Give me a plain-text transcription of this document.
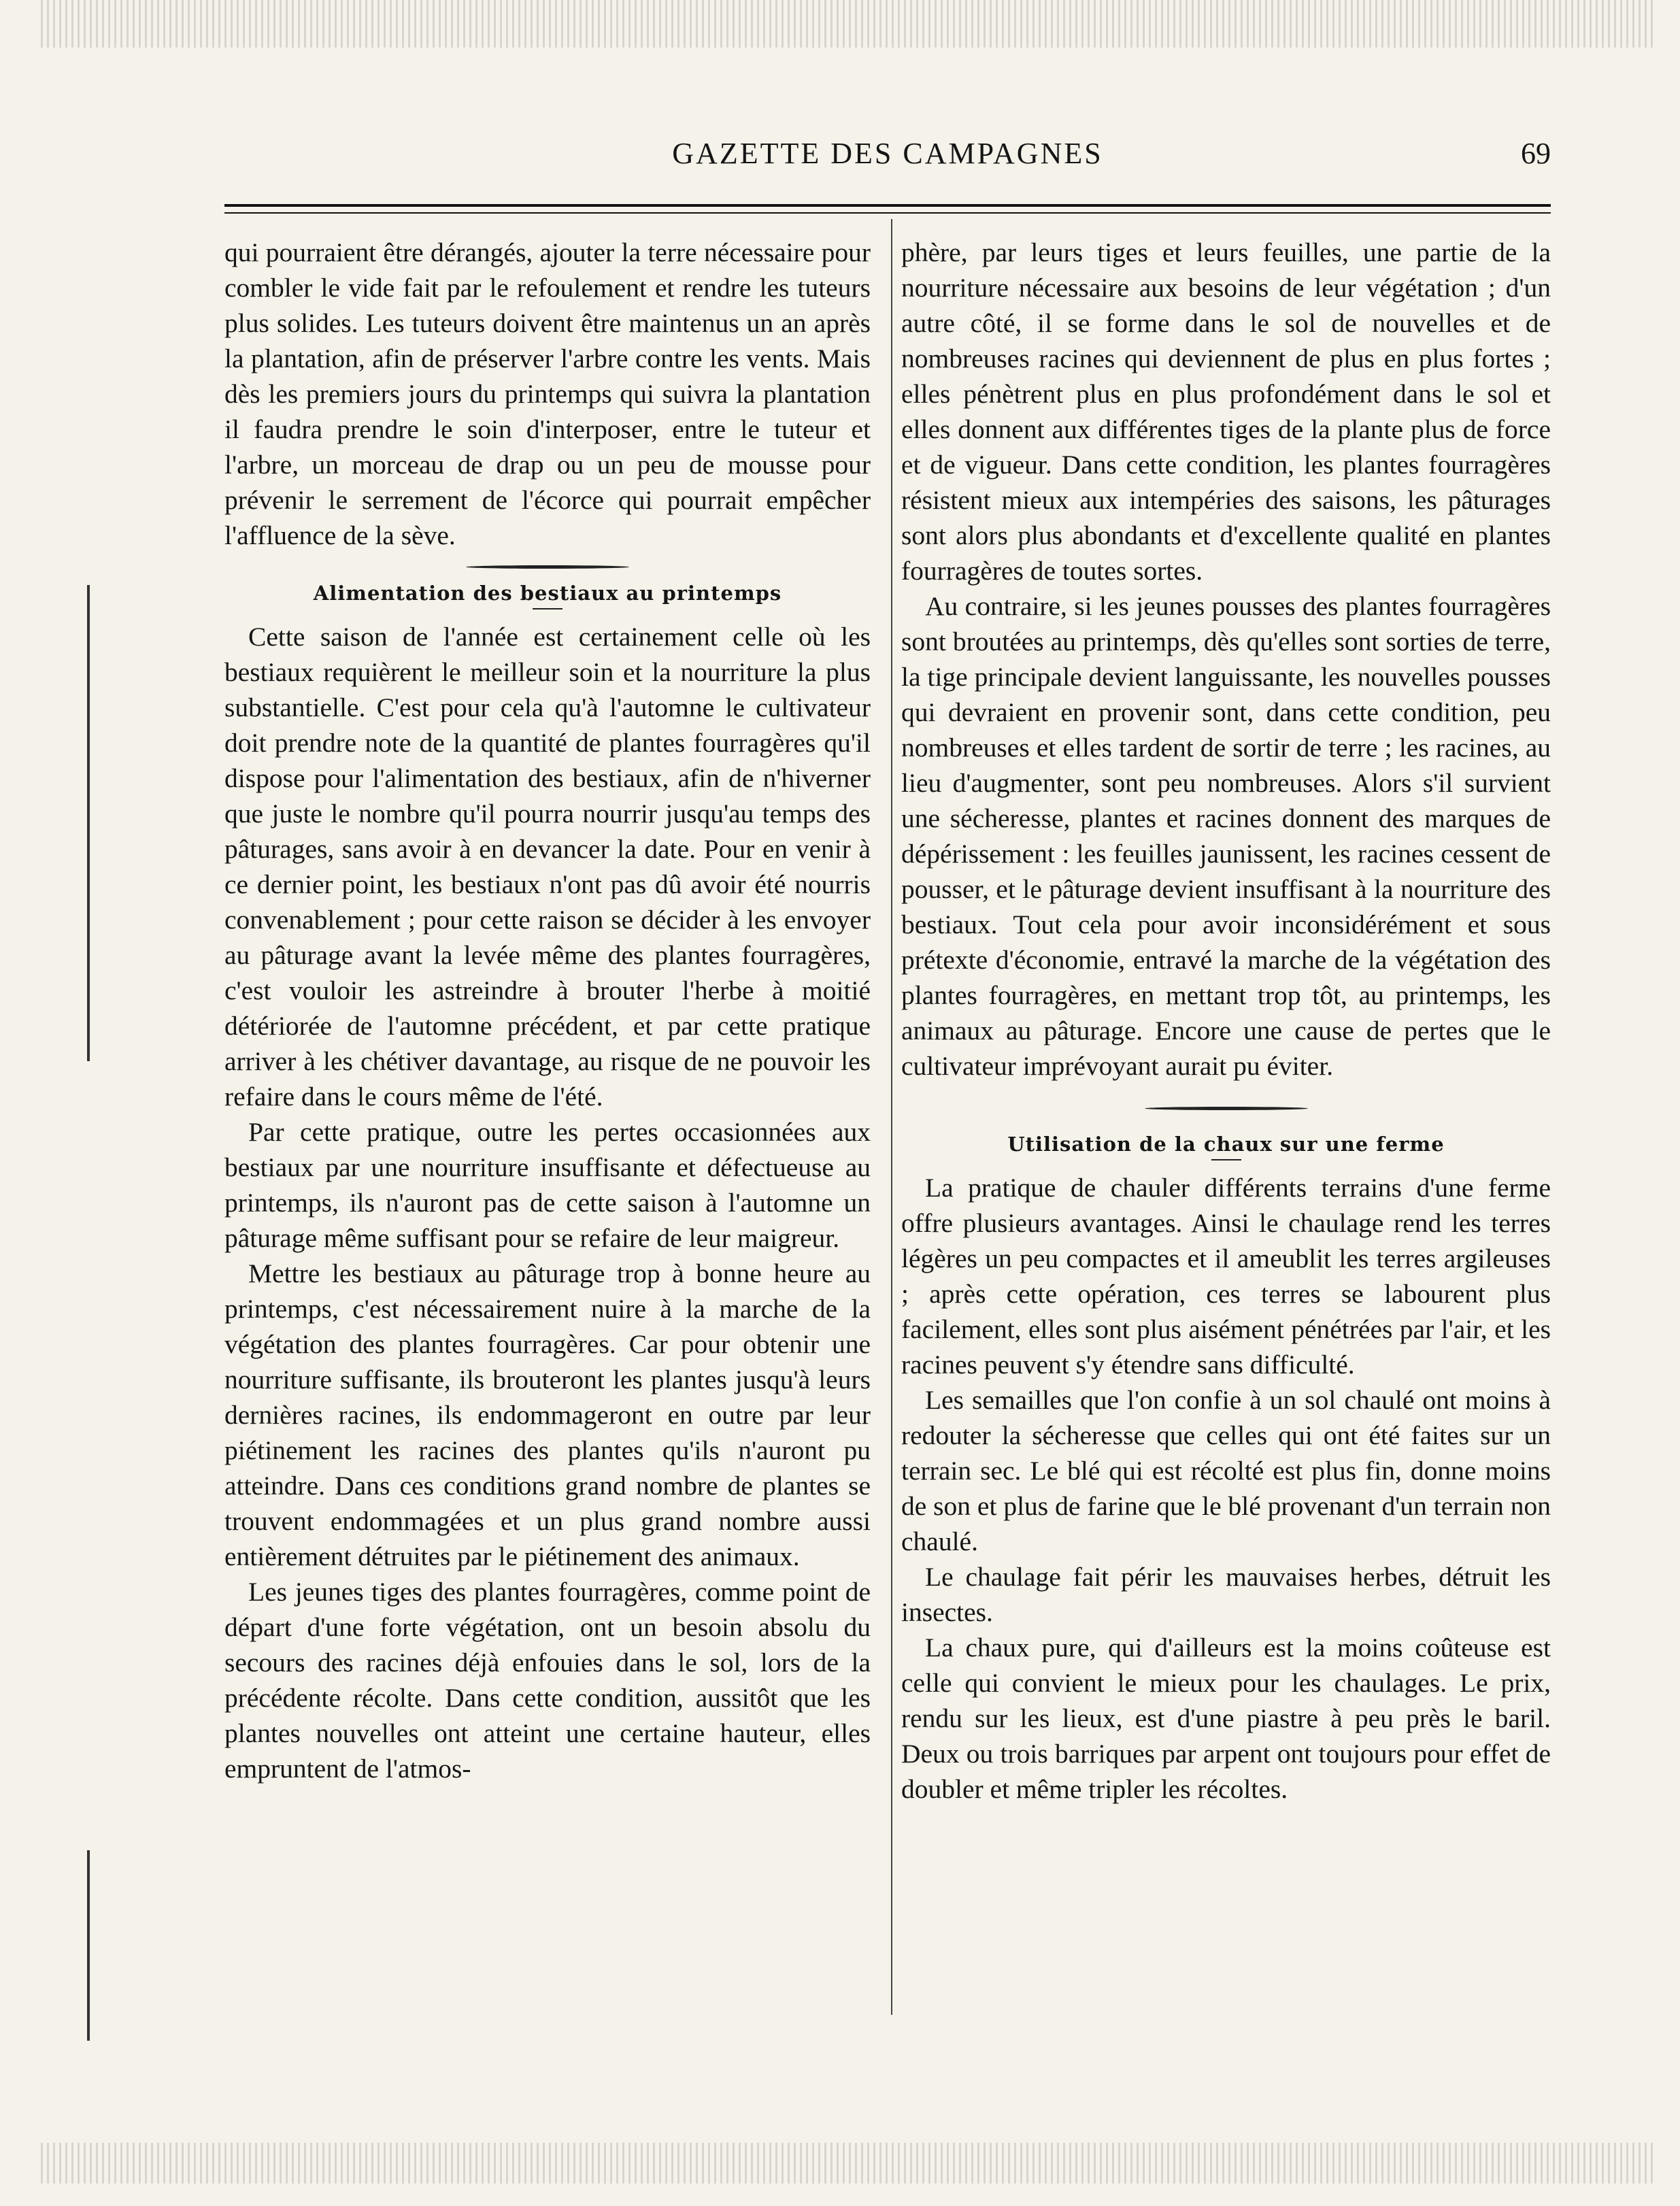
GAZETTE DES CAMPAGNES	69

qui pourraient être dérangés, ajouter la terre nécessaire pour combler le vide fait par le refoulement et rendre les tuteurs plus solides. Les tuteurs doivent être maintenus un an après la plantation, afin de préserver l'arbre contre les vents. Mais dès les premiers jours du printemps qui suivra la plantation il faudra prendre le soin d'interposer, entre le tuteur et l'arbre, un morceau de drap ou un peu de mousse pour prévenir le serrement de l'écorce qui pourrait empêcher l'affluence de la sève.

Alimentation des bestiaux au printemps

Cette saison de l'année est certainement celle où les bestiaux requièrent le meilleur soin et la nourriture la plus substantielle. C'est pour cela qu'à l'automne le cultivateur doit prendre note de la quantité de plantes fourragères qu'il dispose pour l'alimentation des bestiaux, afin de n'hiverner que juste le nombre qu'il pourra nourrir jusqu'au temps des pâturages, sans avoir à en devancer la date. Pour en venir à ce dernier point, les bestiaux n'ont pas dû avoir été nourris convenablement ; pour cette raison se décider à les envoyer au pâturage avant la levée même des plantes fourragères, c'est vouloir les astreindre à brouter l'herbe à moitié détériorée de l'automne précédent, et par cette pratique arriver à les chétiver davantage, au risque de ne pouvoir les refaire dans le cours même de l'été.

Par cette pratique, outre les pertes occasionnées aux bestiaux par une nourriture insuffisante et défectueuse au printemps, ils n'auront pas de cette saison à l'automne un pâturage même suffisant pour se refaire de leur maigreur.

Mettre les bestiaux au pâturage trop à bonne heure au printemps, c'est nécessairement nuire à la marche de la végétation des plantes fourragères. Car pour obtenir une nourriture suffisante, ils brouteront les plantes jusqu'à leurs dernières racines, ils endommageront en outre par leur piétinement les racines des plantes qu'ils n'auront pu atteindre. Dans ces conditions grand nombre de plantes se trouvent endommagées et un plus grand nombre aussi entièrement détruites par le piétinement des animaux.

Les jeunes tiges des plantes fourragères, comme point de départ d'une forte végétation, ont un besoin absolu du secours des racines déjà enfouies dans le sol, lors de la précédente récolte. Dans cette condition, aussitôt que les plantes nouvelles ont atteint une certaine hauteur, elles empruntent de l'atmos-

phère, par leurs tiges et leurs feuilles, une partie de la nourriture nécessaire aux besoins de leur végétation ; d'un autre côté, il se forme dans le sol de nouvelles et de nombreuses racines qui deviennent de plus en plus fortes ; elles pénètrent plus en plus profondément dans le sol et elles donnent aux différentes tiges de la plante plus de force et de vigueur. Dans cette condition, les plantes fourragères résistent mieux aux intempéries des saisons, les pâturages sont alors plus abondants et d'excellente qualité en plantes fourragères de toutes sortes.

Au contraire, si les jeunes pousses des plantes fourragères sont broutées au printemps, dès qu'elles sont sorties de terre, la tige principale devient languissante, les nouvelles pousses qui devraient en provenir sont, dans cette condition, peu nombreuses et elles tardent de sortir de terre ; les racines, au lieu d'augmenter, sont peu nombreuses. Alors s'il survient une sécheresse, plantes et racines donnent des marques de dépérissement : les feuilles jaunissent, les racines cessent de pousser, et le pâturage devient insuffisant à la nourriture des bestiaux. Tout cela pour avoir inconsidérément et sous prétexte d'économie, entravé la marche de la végétation des plantes fourragères, en mettant trop tôt, au printemps, les animaux au pâturage. Encore une cause de pertes que le cultivateur imprévoyant aurait pu éviter.

Utilisation de la chaux sur une ferme

La pratique de chauler différents terrains d'une ferme offre plusieurs avantages. Ainsi le chaulage rend les terres légères un peu compactes et il ameublit les terres argileuses ; après cette opération, ces terres se labourent plus facilement, elles sont plus aisément pénétrées par l'air, et les racines peuvent s'y étendre sans difficulté.

Les semailles que l'on confie à un sol chaulé ont moins à redouter la sécheresse que celles qui ont été faites sur un terrain sec. Le blé qui est récolté est plus fin, donne moins de son et plus de farine que le blé provenant d'un terrain non chaulé.

Le chaulage fait périr les mauvaises herbes, détruit les insectes.

La chaux pure, qui d'ailleurs est la moins coûteuse est celle qui convient le mieux pour les chaulages. Le prix, rendu sur les lieux, est d'une piastre à peu près le baril. Deux ou trois barriques par arpent ont toujours pour effet de doubler et même tripler les récoltes.
